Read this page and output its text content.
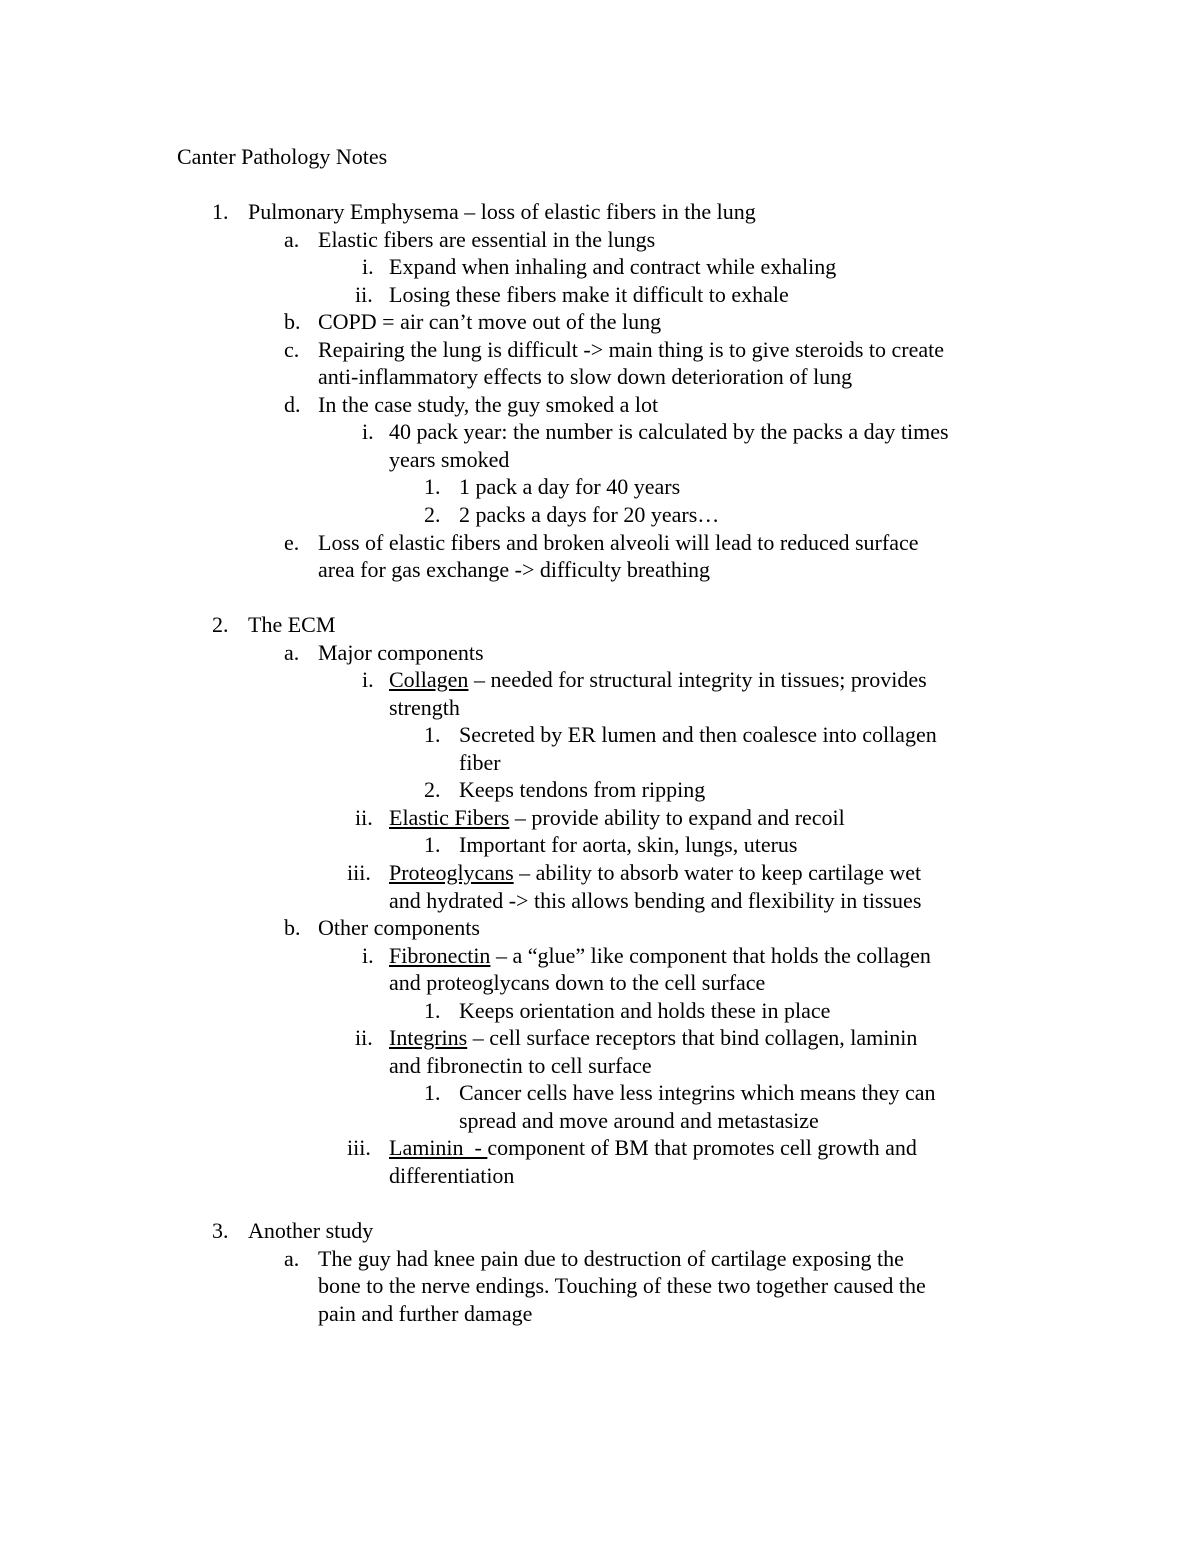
Canter Pathology Notes
1. Pulmonary Emphysema – loss of elastic fibers in the lung
a. Elastic fibers are essential in the lungs
i. Expand when inhaling and contract while exhaling
ii. Losing these fibers make it difficult to exhale
b. COPD = air can’t move out of the lung
c. Repairing the lung is difficult -> main thing is to give steroids to create
anti-inflammatory effects to slow down deterioration of lung
d. In the case study, the guy smoked a lot
i. 40 pack year: the number is calculated by the packs a day times
years smoked
1. 1 pack a day for 40 years
2. 2 packs a days for 20 years…
e. Loss of elastic fibers and broken alveoli will lead to reduced surface
area for gas exchange -> difficulty breathing
2. The ECM
a. Major components
i. Collagen – needed for structural integrity in tissues; provides
strength
1. Secreted by ER lumen and then coalesce into collagen
fiber
2. Keeps tendons from ripping
ii. Elastic Fibers – provide ability to expand and recoil
1. Important for aorta, skin, lungs, uterus
iii. Proteoglycans – ability to absorb water to keep cartilage wet
and hydrated -> this allows bending and flexibility in tissues
b. Other components
i. Fibronectin – a “glue” like component that holds the collagen
and proteoglycans down to the cell surface
1. Keeps orientation and holds these in place
ii. Integrins – cell surface receptors that bind collagen, laminin
and fibronectin to cell surface
1. Cancer cells have less integrins which means they can
spread and move around and metastasize
iii. Laminin  - component of BM that promotes cell growth and
differentiation
3. Another study
a. The guy had knee pain due to destruction of cartilage exposing the
bone to the nerve endings. Touching of these two together caused the
pain and further damage
